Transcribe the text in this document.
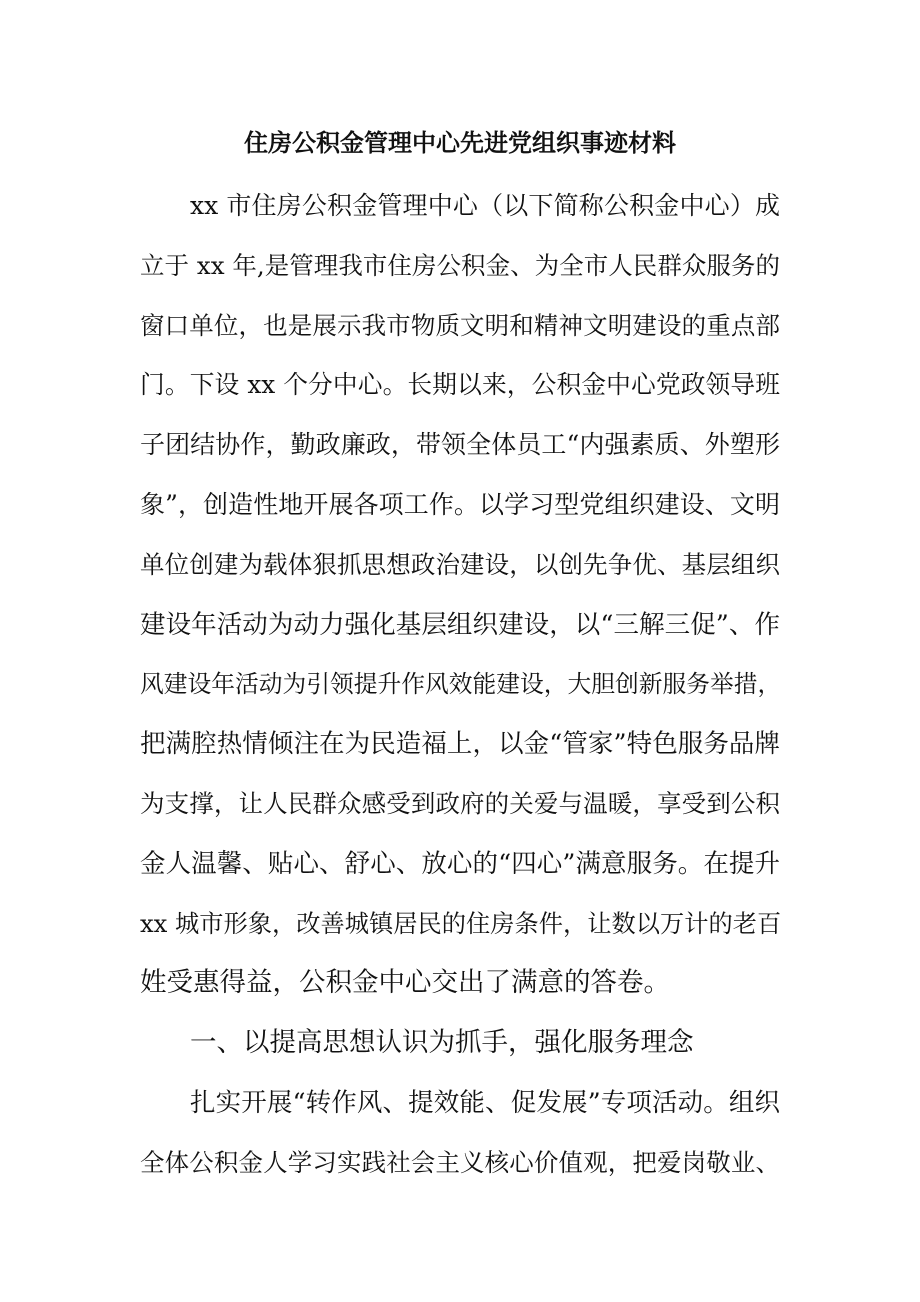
住房公积金管理中心先进党组织事迹材料

xx 市住房公积金管理中心（以下简称公积金中心）成

立于 xx 年,是管理我市住房公积金、为全市人民群众服务的

窗口单位，也是展示我市物质文明和精神文明建设的重点部

门。下设 xx 个分中心。长期以来，公积金中心党政领导班

子团结协作，勤政廉政，带领全体员工“内强素质、外塑形

象”，创造性地开展各项工作。以学习型党组织建设、文明

单位创建为载体狠抓思想政治建设，以创先争优、基层组织

建设年活动为动力强化基层组织建设，以“三解三促”、作

风建设年活动为引领提升作风效能建设，大胆创新服务举措，

把满腔热情倾注在为民造福上，以金“管家”特色服务品牌

为支撑，让人民群众感受到政府的关爱与温暖，享受到公积

金人温馨、贴心、舒心、放心的“四心”满意服务。在提升

xx 城市形象，改善城镇居民的住房条件，让数以万计的老百

姓受惠得益，公积金中心交出了满意的答卷。

一、以提高思想认识为抓手，强化服务理念

扎实开展“转作风、提效能、促发展”专项活动。组织

全体公积金人学习实践社会主义核心价值观，把爱岗敬业、
